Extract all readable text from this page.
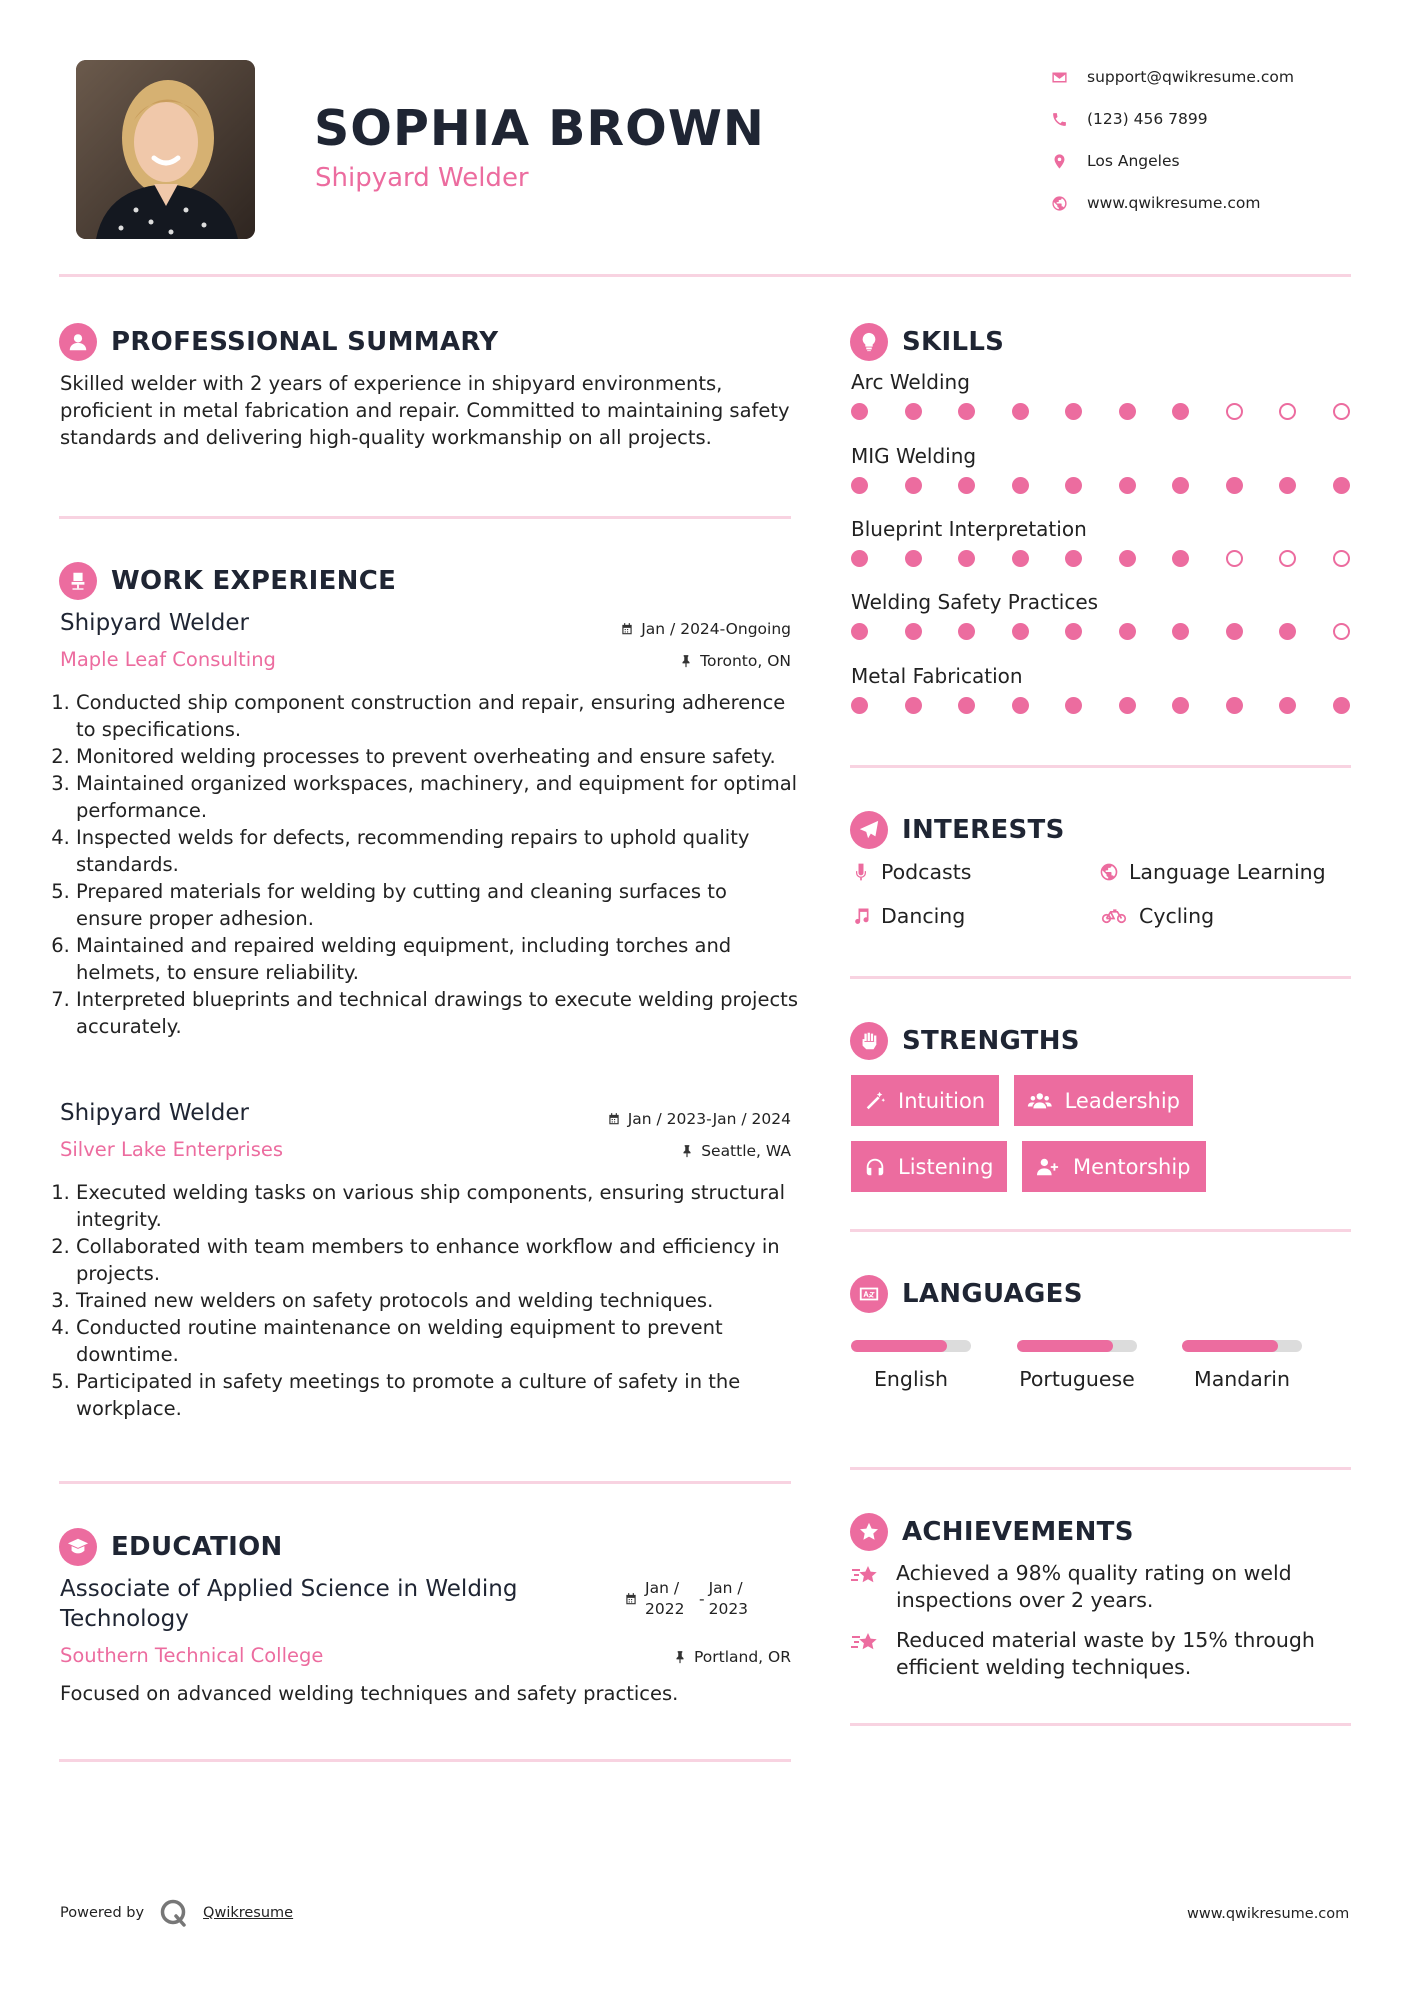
SOPHIA BROWN
Shipyard Welder
support@qwikresume.com
(123) 456 7899
Los Angeles
www.qwikresume.com
PROFESSIONAL SUMMARY
Skilled welder with 2 years of experience in shipyard environments, proficient in metal fabrication and repair. Committed to maintaining safety standards and delivering high-quality workmanship on all projects.
WORK EXPERIENCE
Shipyard Welder
Maple Leaf Consulting
Jan / 2024-Ongoing
Toronto, ON
1. Conducted ship component construction and repair, ensuring adherence to specifications.
2. Monitored welding processes to prevent overheating and ensure safety.
3. Maintained organized workspaces, machinery, and equipment for optimal performance.
4. Inspected welds for defects, recommending repairs to uphold quality standards.
5. Prepared materials for welding by cutting and cleaning surfaces to ensure proper adhesion.
6. Maintained and repaired welding equipment, including torches and helmets, to ensure reliability.
7. Interpreted blueprints and technical drawings to execute welding projects accurately.
Shipyard Welder
Silver Lake Enterprises
Jan / 2023-Jan / 2024
Seattle, WA
1. Executed welding tasks on various ship components, ensuring structural integrity.
2. Collaborated with team members to enhance workflow and efficiency in projects.
3. Trained new welders on safety protocols and welding techniques.
4. Conducted routine maintenance on welding equipment to prevent downtime.
5. Participated in safety meetings to promote a culture of safety in the workplace.
EDUCATION
Associate of Applied Science in Welding Technology
Southern Technical College
Jan / 2022
-
Jan / 2023
Portland, OR
Focused on advanced welding techniques and safety practices.
SKILLS
Arc Welding
MIG Welding
Blueprint Interpretation
Welding Safety Practices
Metal Fabrication
INTERESTS
Podcasts	Language Learning
Dancing	Cycling
STRENGTHS
Intuition	Leadership
Listening	Mentorship
LANGUAGES
English	Portuguese	Mandarin
ACHIEVEMENTS
Achieved a 98% quality rating on weld inspections over 2 years.
Reduced material waste by 15% through efficient welding techniques.
Powered by	Qwikresume	www.qwikresume.com
